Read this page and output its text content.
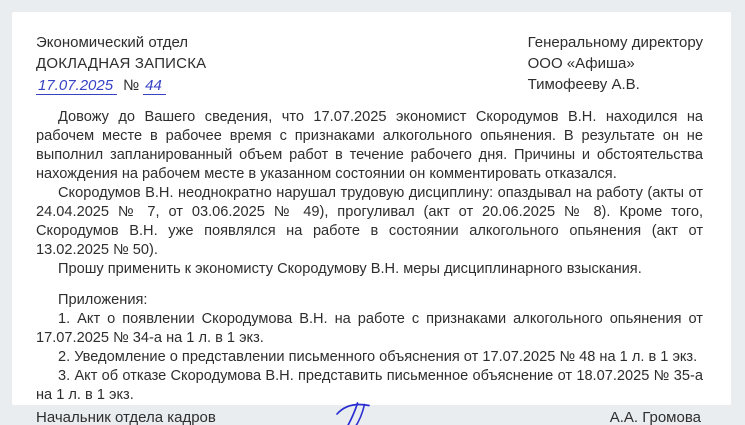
Экономический отдел
ДОКЛАДНАЯ ЗАПИСКА
17.07.2025 № 44
Генеральному директору
ООО «Афиша»
Тимофееву А.В.

Довожу до Вашего сведения, что 17.07.2025 экономист Скородумов В.Н. находился на рабочем месте в рабочее время с признаками алкогольного опьянения. В результате он не выполнил запланированный объем работ в течение рабочего дня. Причины и обстоятельства нахождения на рабочем месте в указанном состоянии он комментировать отказался.

Скородумов В.Н. неоднократно нарушал трудовую дисциплину: опаздывал на работу (акты от 24.04.2025 № 7, от 03.06.2025 № 49), прогуливал (акт от 20.06.2025 № 8). Кроме того, Скородумов В.Н. уже появлялся на работе в состоянии алкогольного опьянения (акт от 13.02.2025 № 50).

Прошу применить к экономисту Скородумову В.Н. меры дисциплинарного взыскания.

Приложения:

1. Акт о появлении Скородумова В.Н. на работе с признаками алкогольного опьянения от 17.07.2025 № 34-а на 1 л. в 1 экз.

2. Уведомление о представлении письменного объяснения от 17.07.2025 № 48 на 1 л. в 1 экз.

3. Акт об отказе Скородумова В.Н. представить письменное объяснение от 18.07.2025 № 35-а на 1 л. в 1 экз.

Начальник отдела кадров	А.А. Громова
